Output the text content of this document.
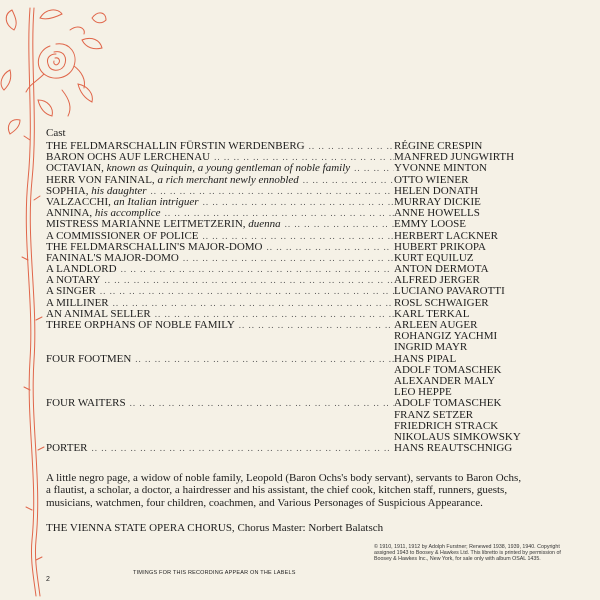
Cast
THE FELDMARSCHALLIN FÜRSTIN WERDENBERG .. ..	RÉGINE CRESPIN
BARON OCHS AUF LERCHENAU .. ..	MANFRED JUNGWIRTH
OCTAVIAN, known as Quinquin, a young gentleman of noble family .. ..	YVONNE MINTON
HERR VON FANINAL, a rich merchant newly ennobled .. ..	OTTO WIENER
SOPHIA, his daughter .. ..	HELEN DONATH
VALZACCHI, an Italian intriguer .. ..	MURRAY DICKIE
ANNINA, his accomplice .. ..	ANNE HOWELLS
MISTRESS MARIANNE LEITMETZERIN, duenna .. ..	EMMY LOOSE
A COMMISSIONER OF POLICE .. ..	HERBERT LACKNER
THE FELDMARSCHALLIN'S MAJOR-DOMO .. ..	HUBERT PRIKOPA
FANINAL'S MAJOR-DOMO .. ..	KURT EQUILUZ
A LANDLORD .. ..	ANTON DERMOTA
A NOTARY .. ..	ALFRED JERGER
A SINGER .. ..	LUCIANO PAVAROTTI
A MILLINER .. ..	ROSL SCHWAIGER
AN ANIMAL SELLER .. ..	KARL TERKAL
THREE ORPHANS OF NOBLE FAMILY .. ..	ARLEEN AUGER
ROHANGIZ YACHMI
INGRID MAYR
FOUR FOOTMEN .. ..	HANS PIPAL
ADOLF TOMASCHEK
ALEXANDER MALY
LEO HEPPE
FOUR WAITERS .. ..	ADOLF TOMASCHEK
FRANZ SETZER
FRIEDRICH STRACK
NIKOLAUS SIMKOWSKY
PORTER .. ..	HANS REAUTSCHNIGG
A little negro page, a widow of noble family, Leopold (Baron Ochs's body servant), servants to Baron Ochs, a flautist, a scholar, a doctor, a hairdresser and his assistant, the chief cook, kitchen staff, runners, guests, musicians, watchmen, four children, coachmen, and Various Personages of Suspicious Appearance.
THE VIENNA STATE OPERA CHORUS, Chorus Master: Norbert Balatsch
© 1910, 1911, 1912 by Adolph Furstner; Renewed 1938, 1939, 1940. Copyright assigned 1943 to Boosey & Hawkes Ltd. This libretto is printed by permission of Boosey & Hawkes Inc., New York, for sale only with album OSAL 1435.
TIMINGS FOR THIS RECORDING APPEAR ON THE LABELS
2
